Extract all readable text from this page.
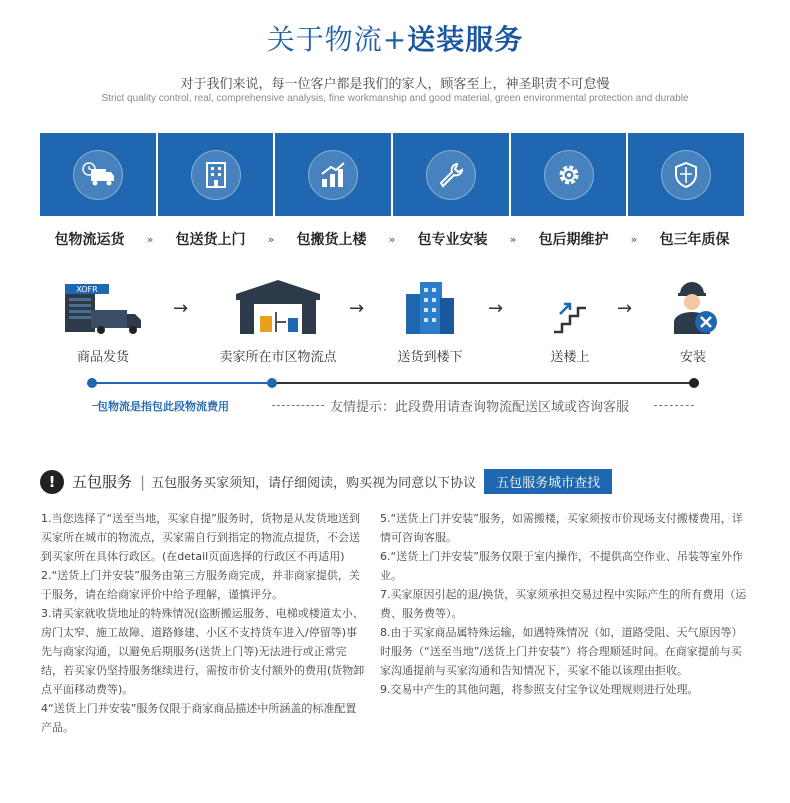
关于物流+送装服务
对于我们来说，每一位客户都是我们的家人，顾客至上，神圣职责不可怠慢
Strict quality control, real, comprehensive analysis, fine workmanship and good material, green environmental protection and durable
包物流运货	»	包送货上门	»	包搬货上楼	»	包专业安装	»	包后期维护	»	包三年质保
XOFR
商品发货
→
卖家所在市区物流点
→
送货到楼下
→
送楼上
→
安装
包物流是指包此段物流费用	友情提示：此段费用请查询物流配送区域或咨询客服
!	五包服务 | 五包服务买家须知，请仔细阅读，购买视为同意以下协议	五包服务城市查找

1.当您选择了“送至当地，买家自提”服务时，货物是从发货地送到买家所在城市的物流点，买家需自行到指定的物流点提货，不会送到买家所在具体行政区。(在detail页面选择的行政区不再适用)

2.“送货上门并安装”服务由第三方服务商完成，并非商家提供，关于服务，请在给商家评价中给予理解，谨慎评分。

3.请买家就收货地址的特殊情况(盗断搬运服务、电梯或楼道太小、房门太窄、施工故障、道路修建、小区不支持货车进入/停留等)事先与商家沟通，以避免后期服务(送货上门等)无法进行或正常完结，若买家仍坚持服务继续进行，需按市价支付额外的费用(货物卸点平面移动费等)。

4“送货上门并安装”服务仅限于商家商品描述中所涵盖的标准配置产品。

5.“送货上门并安装”服务，如需搬楼，买家须按市价现场支付搬楼费用，详情可咨询客服。

6.“送货上门并安装”服务仅限于室内操作，不提供高空作业、吊装等室外作业。

7.买家原因引起的退/换货，买家须承担交易过程中实际产生的所有费用（运费、服务费等）。

8.由于买家商品属特殊运输，如遇特殊情况（如，道路受阻、天气原因等）时服务（“送至当地”/送货上门并安装”）将合理顺延时间。在商家提前与买家沟通提前与买家沟通和告知情况下，买家不能以该理由拒收。

9.交易中产生的其他问题，将参照支付宝争议处理规则进行处理。
